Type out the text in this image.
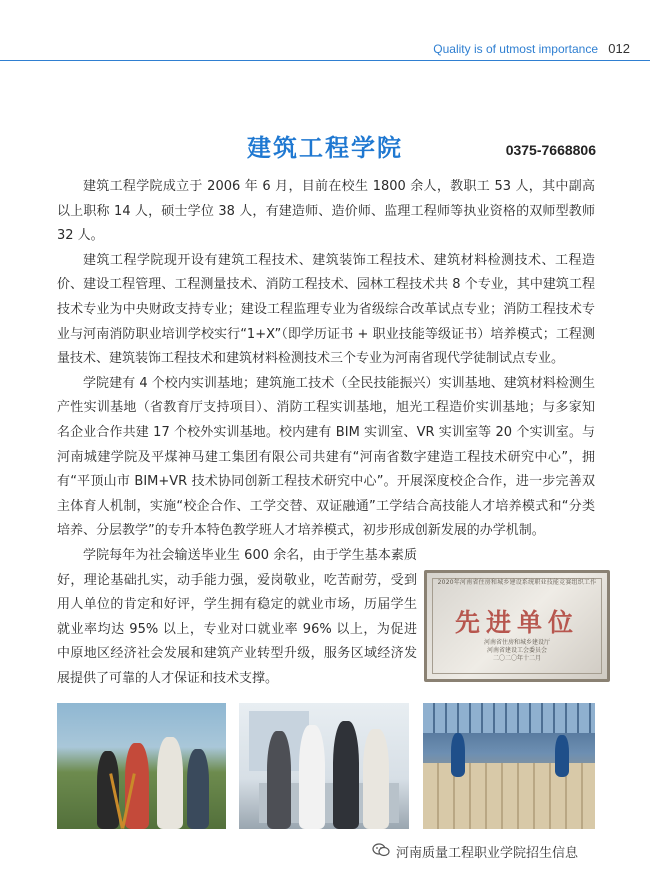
Quality is of utmost importance 012
建筑工程学院	0375-7668806

建筑工程学院成立于 2006 年 6 月，目前在校生 1800 余人，教职工 53 人，其中副高以上职称 14 人，硕士学位 38 人，有建造师、造价师、监理工程师等执业资格的双师型教师 32 人。

建筑工程学院现开设有建筑工程技术、建筑装饰工程技术、建筑材料检测技术、工程造价、建设工程管理、工程测量技术、消防工程技术、园林工程技术共 8 个专业，其中建筑工程技术专业为中央财政支持专业；建设工程监理专业为省级综合改革试点专业；消防工程技术专业与河南消防职业培训学校实行“1+X”（即学历证书 + 职业技能等级证书）培养模式；工程测量技术、建筑装饰工程技术和建筑材料检测技术三个专业为河南省现代学徒制试点专业。

学院建有 4 个校内实训基地；建筑施工技术（全民技能振兴）实训基地、建筑材料检测生产性实训基地（省教育厅支持项目）、消防工程实训基地，旭光工程造价实训基地；与多家知名企业合作共建 17 个校外实训基地。校内建有 BIM 实训室、VR 实训室等 20 个实训室。与河南城建学院及平煤神马建工集团有限公司共建有“河南省数字建造工程技术研究中心”，拥有“平顶山市 BIM+VR 技术协同创新工程技术研究中心”。开展深度校企合作，进一步完善双主体育人机制，实施“校企合作、工学交替、双证融通”工学结合高技能人才培养模式和“分类培养、分层教学”的专升本特色教学班人才培养模式，初步形成创新发展的办学机制。

学院每年为社会输送毕业生 600 余名，由于学生基本素质好，理论基础扎实，动手能力强，爱岗敬业，吃苦耐劳，受到用人单位的肯定和好评，学生拥有稳定的就业市场，历届学生就业率均达 95% 以上，专业对口就业率 96% 以上，为促进中原地区经济社会发展和建筑产业转型升级，服务区域经济发展提供了可靠的人才保证和技术支撑。

2020年河南省住房和城乡建设系统职业技能竞赛组织工作
先进单位
河南省住房和城乡建设厅
河南省建设工会委员会
二〇二〇年十二月
河南质量工程职业学院招生信息
